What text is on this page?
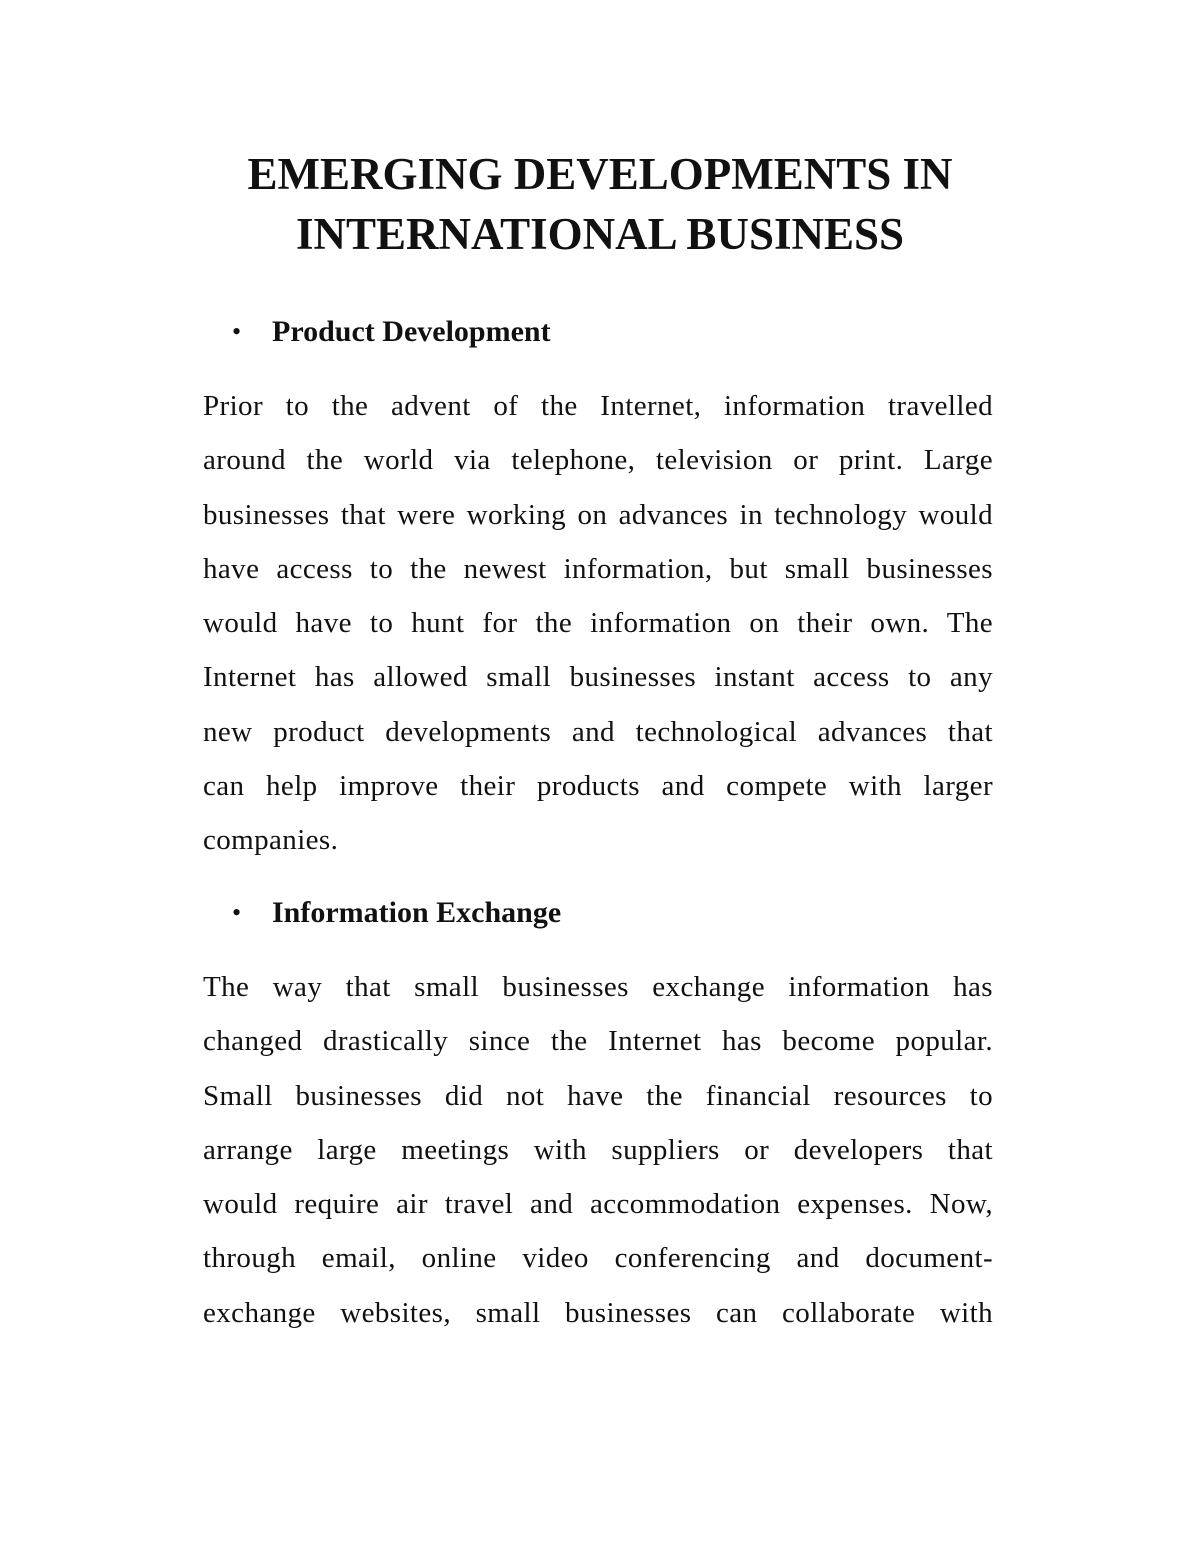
EMERGING DEVELOPMENTS IN
INTERNATIONAL BUSINESS
•	Product Development
Prior to the advent of the Internet, information travelled
around the world via telephone, television or print. Large
businesses that were working on advances in technology would
have access to the newest information, but small businesses
would have to hunt for the information on their own. The
Internet has allowed small businesses instant access to any
new product developments and technological advances that
can help improve their products and compete with larger
companies.
•	Information Exchange
The way that small businesses exchange information has
changed drastically since the Internet has become popular.
Small businesses did not have the financial resources to
arrange large meetings with suppliers or developers that
would require air travel and accommodation expenses. Now,
through email, online video conferencing and document-
exchange websites, small businesses can collaborate with
